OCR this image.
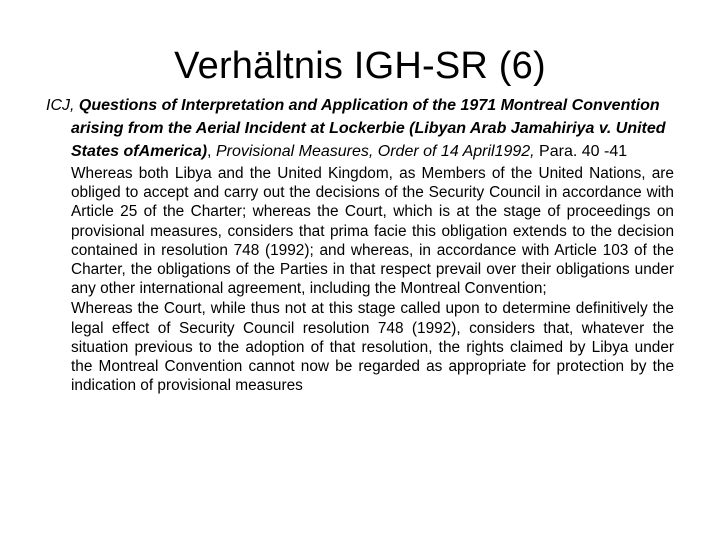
Verhältnis IGH-SR (6)

ICJ, Questions of Interpretation and Application of the 1971 Montreal Convention arising from the Aerial Incident at Lockerbie (Libyan Arab Jamahiriya v. United States ofAmerica), Provisional Measures, Order of 14 April1992, Para. 40 -41

Whereas both Libya and the United Kingdom, as Members of the United Nations, are obliged to accept and carry out the decisions of the Security Council in accordance with Article 25 of the Charter; whereas the Court, which is at the stage of proceedings on provisional measures, considers that prima facie this obligation extends to the decision contained in resolution 748 (1992); and whereas, in accordance with Article 103 of the Charter, the obligations of the Parties in that respect prevail over their obligations under any other international agreement, including the Montreal Convention;

Whereas the Court, while thus not at this stage called upon to determine definitively the legal effect of Security Council resolution 748 (1992), considers that, whatever the situation previous to the adoption of that resolution, the rights claimed by Libya under the Montreal Convention cannot now be regarded as appropriate for protection by the indication of provisional measures
